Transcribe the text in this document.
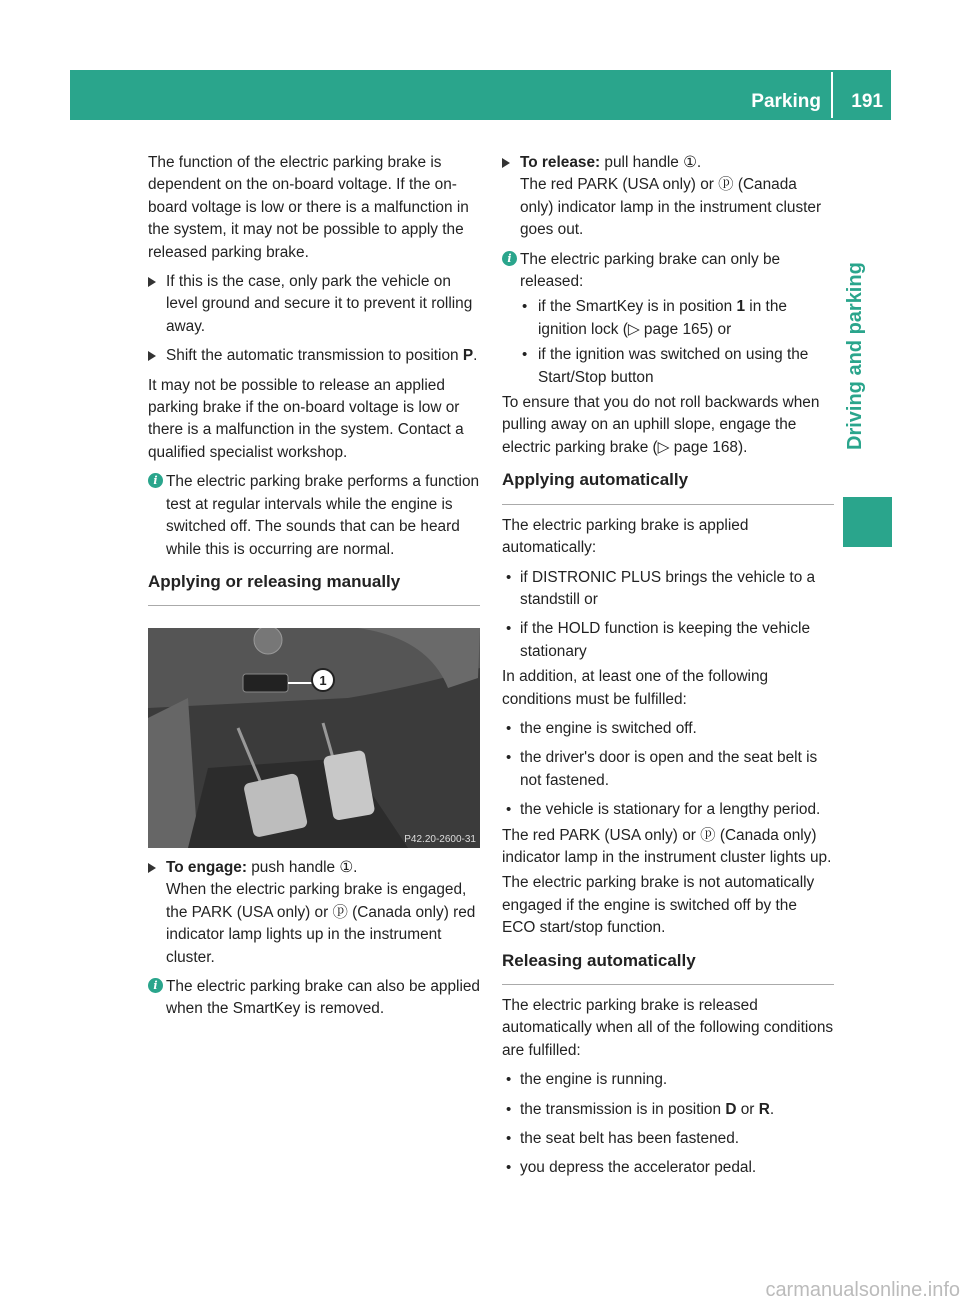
Parking 191
Driving and parking

The function of the electric parking brake is dependent on the on-board voltage. If the on-board voltage is low or there is a malfunction in the system, it may not be possible to apply the released parking brake.

If this is the case, only park the vehicle on level ground and secure it to prevent it rolling away.

Shift the automatic transmission to position P.

It may not be possible to release an applied parking brake if the on-board voltage is low or there is a malfunction in the system. Contact a qualified specialist workshop.

i The electric parking brake performs a function test at regular intervals while the engine is switched off. The sounds that can be heard while this is occurring are normal.

Applying or releasing manually
1
P42.20-2600-31

To engage: push handle ①.
When the electric parking brake is engaged, the PARK (USA only) or ⓟ (Canada only) red indicator lamp lights up in the instrument cluster.

i The electric parking brake can also be applied when the SmartKey is removed.

To release: pull handle ①.
The red PARK (USA only) or ⓟ (Canada only) indicator lamp in the instrument cluster goes out.

i The electric parking brake can only be released:

• if the SmartKey is in position 1 in the ignition lock (▷ page 165) or

• if the ignition was switched on using the Start/Stop button

To ensure that you do not roll backwards when pulling away on an uphill slope, engage the electric parking brake (▷ page 168).

Applying automatically

The electric parking brake is applied automatically:

• if DISTRONIC PLUS brings the vehicle to a standstill or

• if the HOLD function is keeping the vehicle stationary

In addition, at least one of the following conditions must be fulfilled:

• the engine is switched off.

• the driver's door is open and the seat belt is not fastened.

• the vehicle is stationary for a lengthy period.

The red PARK (USA only) or ⓟ (Canada only) indicator lamp in the instrument cluster lights up.

The electric parking brake is not automatically engaged if the engine is switched off by the ECO start/stop function.

Releasing automatically

The electric parking brake is released automatically when all of the following conditions are fulfilled:

• the engine is running.

• the transmission is in position D or R.

• the seat belt has been fastened.

• you depress the accelerator pedal.

carmanualsonline.info
